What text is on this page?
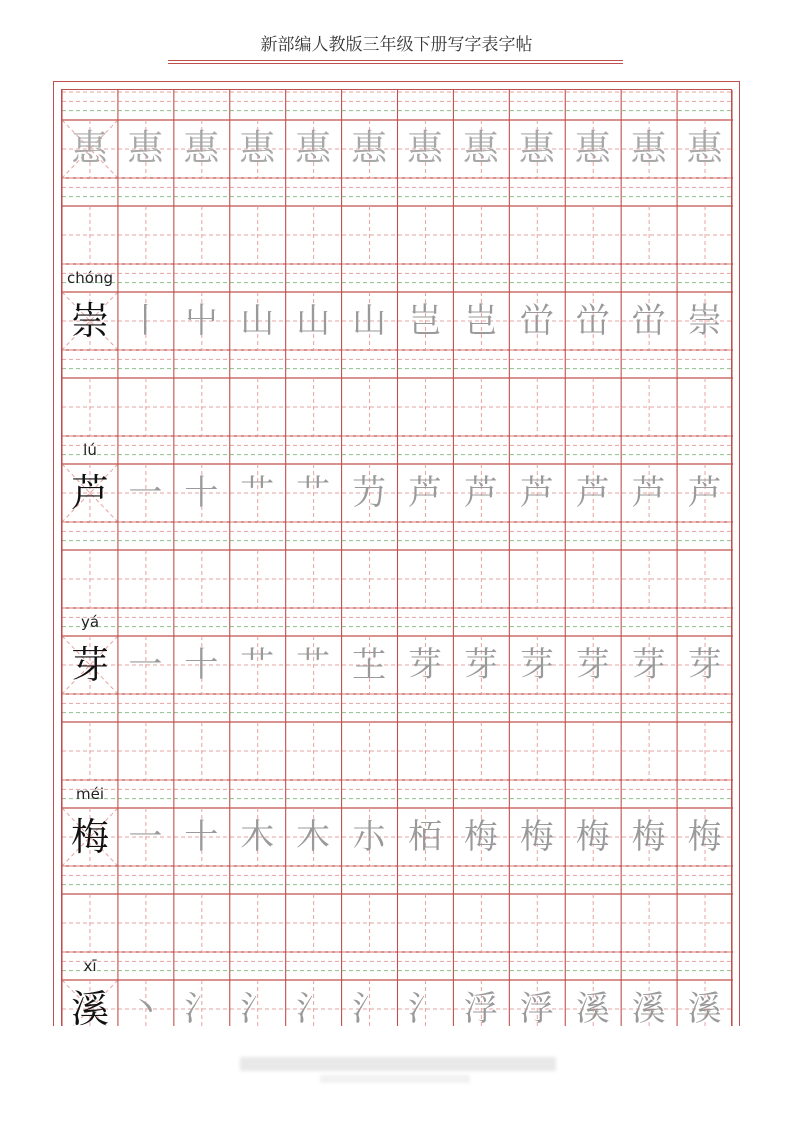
新部编人教版三年级下册写字表字帖
惠 惠 惠 惠 惠 惠 惠 惠 惠 惠 惠 惠
chóng
崇 丨 屮 山 山 山 岂 岂 峃 峃 峃 崇
lú
芦 一 十 艹 艹 芀 芦 芦 芦 芦 芦 芦
yá
芽 一 十 艹 艹 芏 芽 芽 芽 芽 芽 芽
méi
梅 一 十 木 木 朩 栢 梅 梅 梅 梅 梅
xī
溪 丶 氵 氵 氵 氵 氵 浮 浮 溪 溪 溪
